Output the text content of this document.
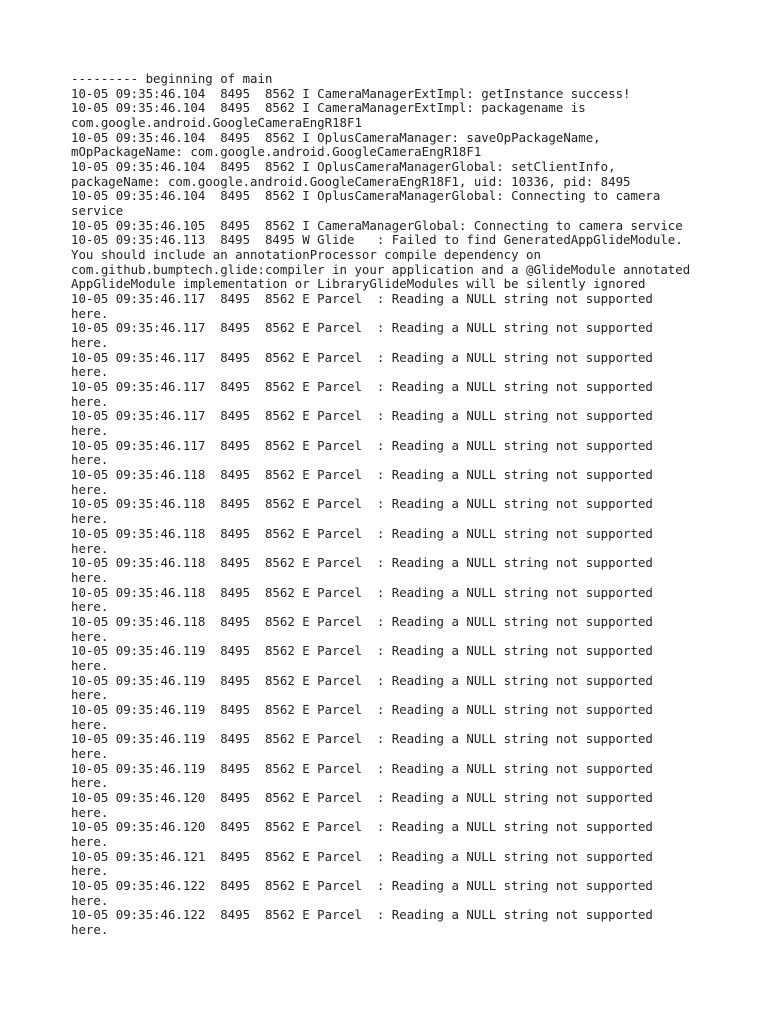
--------- beginning of main
10-05 09:35:46.104  8495  8562 I CameraManagerExtImpl: getInstance success!
10-05 09:35:46.104  8495  8562 I CameraManagerExtImpl: packagename is
com.google.android.GoogleCameraEngR18F1
10-05 09:35:46.104  8495  8562 I OplusCameraManager: saveOpPackageName,
mOpPackageName: com.google.android.GoogleCameraEngR18F1
10-05 09:35:46.104  8495  8562 I OplusCameraManagerGlobal: setClientInfo,
packageName: com.google.android.GoogleCameraEngR18F1, uid: 10336, pid: 8495
10-05 09:35:46.104  8495  8562 I OplusCameraManagerGlobal: Connecting to camera
service
10-05 09:35:46.105  8495  8562 I CameraManagerGlobal: Connecting to camera service
10-05 09:35:46.113  8495  8495 W Glide   : Failed to find GeneratedAppGlideModule.
You should include an annotationProcessor compile dependency on
com.github.bumptech.glide:compiler in your application and a @GlideModule annotated
AppGlideModule implementation or LibraryGlideModules will be silently ignored
10-05 09:35:46.117  8495  8562 E Parcel  : Reading a NULL string not supported
here.
10-05 09:35:46.117  8495  8562 E Parcel  : Reading a NULL string not supported
here.
10-05 09:35:46.117  8495  8562 E Parcel  : Reading a NULL string not supported
here.
10-05 09:35:46.117  8495  8562 E Parcel  : Reading a NULL string not supported
here.
10-05 09:35:46.117  8495  8562 E Parcel  : Reading a NULL string not supported
here.
10-05 09:35:46.117  8495  8562 E Parcel  : Reading a NULL string not supported
here.
10-05 09:35:46.118  8495  8562 E Parcel  : Reading a NULL string not supported
here.
10-05 09:35:46.118  8495  8562 E Parcel  : Reading a NULL string not supported
here.
10-05 09:35:46.118  8495  8562 E Parcel  : Reading a NULL string not supported
here.
10-05 09:35:46.118  8495  8562 E Parcel  : Reading a NULL string not supported
here.
10-05 09:35:46.118  8495  8562 E Parcel  : Reading a NULL string not supported
here.
10-05 09:35:46.118  8495  8562 E Parcel  : Reading a NULL string not supported
here.
10-05 09:35:46.119  8495  8562 E Parcel  : Reading a NULL string not supported
here.
10-05 09:35:46.119  8495  8562 E Parcel  : Reading a NULL string not supported
here.
10-05 09:35:46.119  8495  8562 E Parcel  : Reading a NULL string not supported
here.
10-05 09:35:46.119  8495  8562 E Parcel  : Reading a NULL string not supported
here.
10-05 09:35:46.119  8495  8562 E Parcel  : Reading a NULL string not supported
here.
10-05 09:35:46.120  8495  8562 E Parcel  : Reading a NULL string not supported
here.
10-05 09:35:46.120  8495  8562 E Parcel  : Reading a NULL string not supported
here.
10-05 09:35:46.121  8495  8562 E Parcel  : Reading a NULL string not supported
here.
10-05 09:35:46.122  8495  8562 E Parcel  : Reading a NULL string not supported
here.
10-05 09:35:46.122  8495  8562 E Parcel  : Reading a NULL string not supported
here.
